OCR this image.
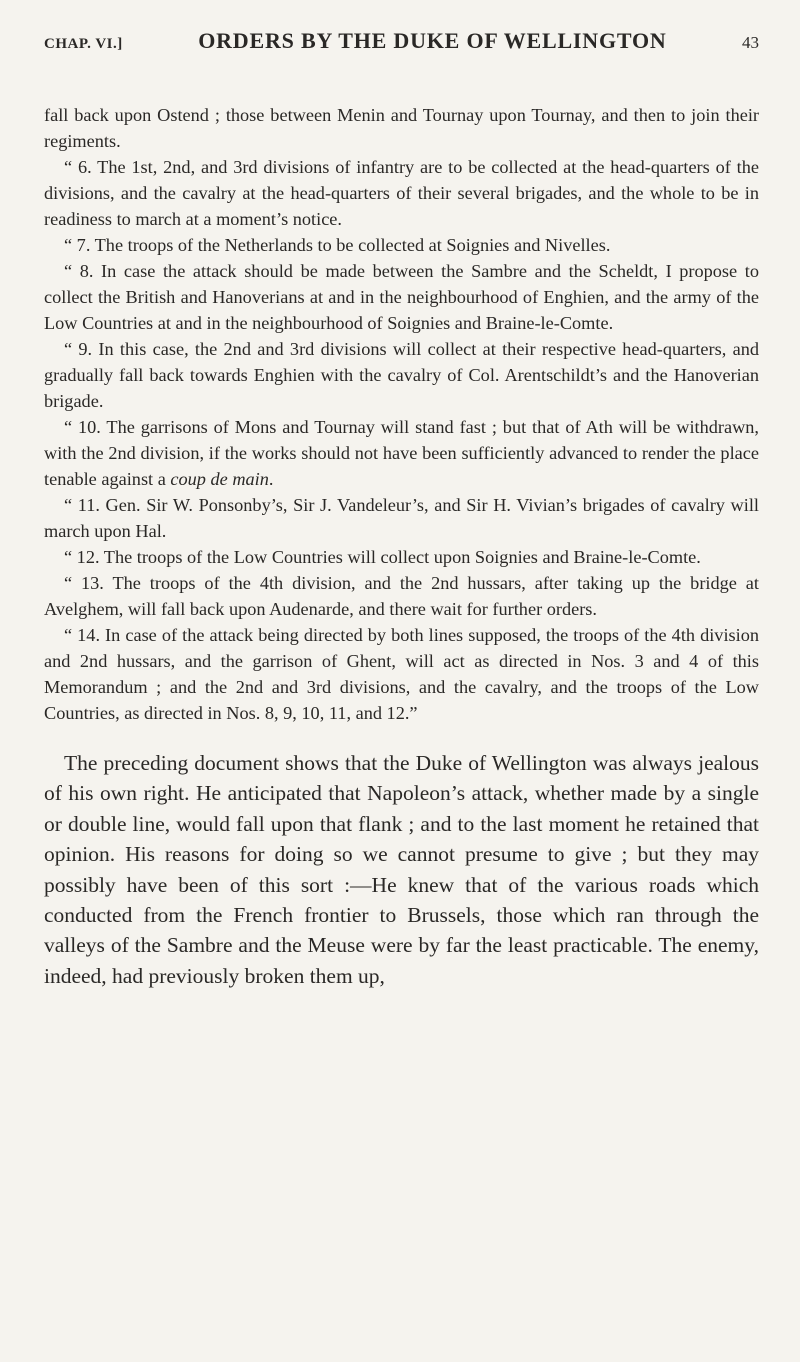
CHAP. VI.]	ORDERS BY THE DUKE OF WELLINGTON	43

fall back upon Ostend ; those between Menin and Tournay upon Tournay, and then to join their regiments.

“ 6. The 1st, 2nd, and 3rd divisions of infantry are to be collected at the head-quarters of the divisions, and the cavalry at the head-quarters of their several brigades, and the whole to be in readiness to march at a moment’s notice.

“ 7. The troops of the Netherlands to be collected at Soignies and Nivelles.

“ 8. In case the attack should be made between the Sambre and the Scheldt, I propose to collect the British and Hanoverians at and in the neighbourhood of Enghien, and the army of the Low Countries at and in the neighbourhood of Soignies and Braine-le-Comte.

“ 9. In this case, the 2nd and 3rd divisions will collect at their respective head-quarters, and gradually fall back towards Enghien with the cavalry of Col. Arentschildt’s and the Hanoverian brigade.

“ 10. The garrisons of Mons and Tournay will stand fast ; but that of Ath will be withdrawn, with the 2nd division, if the works should not have been sufficiently advanced to render the place tenable against a coup de main.

“ 11. Gen. Sir W. Ponsonby’s, Sir J. Vandeleur’s, and Sir H. Vivian’s brigades of cavalry will march upon Hal.

“ 12. The troops of the Low Countries will collect upon Soignies and Braine-le-Comte.

“ 13. The troops of the 4th division, and the 2nd hussars, after taking up the bridge at Avelghem, will fall back upon Audenarde, and there wait for further orders.

“ 14. In case of the attack being directed by both lines supposed, the troops of the 4th division and 2nd hussars, and the garrison of Ghent, will act as directed in Nos. 3 and 4 of this Memorandum ; and the 2nd and 3rd divisions, and the cavalry, and the troops of the Low Countries, as directed in Nos. 8, 9, 10, 11, and 12.”

The preceding document shows that the Duke of Wellington was always jealous of his own right. He anticipated that Napoleon’s attack, whether made by a single or double line, would fall upon that flank ; and to the last moment he retained that opinion. His reasons for doing so we cannot presume to give ; but they may possibly have been of this sort :—He knew that of the various roads which conducted from the French frontier to Brussels, those which ran through the valleys of the Sambre and the Meuse were by far the least practicable. The enemy, indeed, had previously broken them up,
